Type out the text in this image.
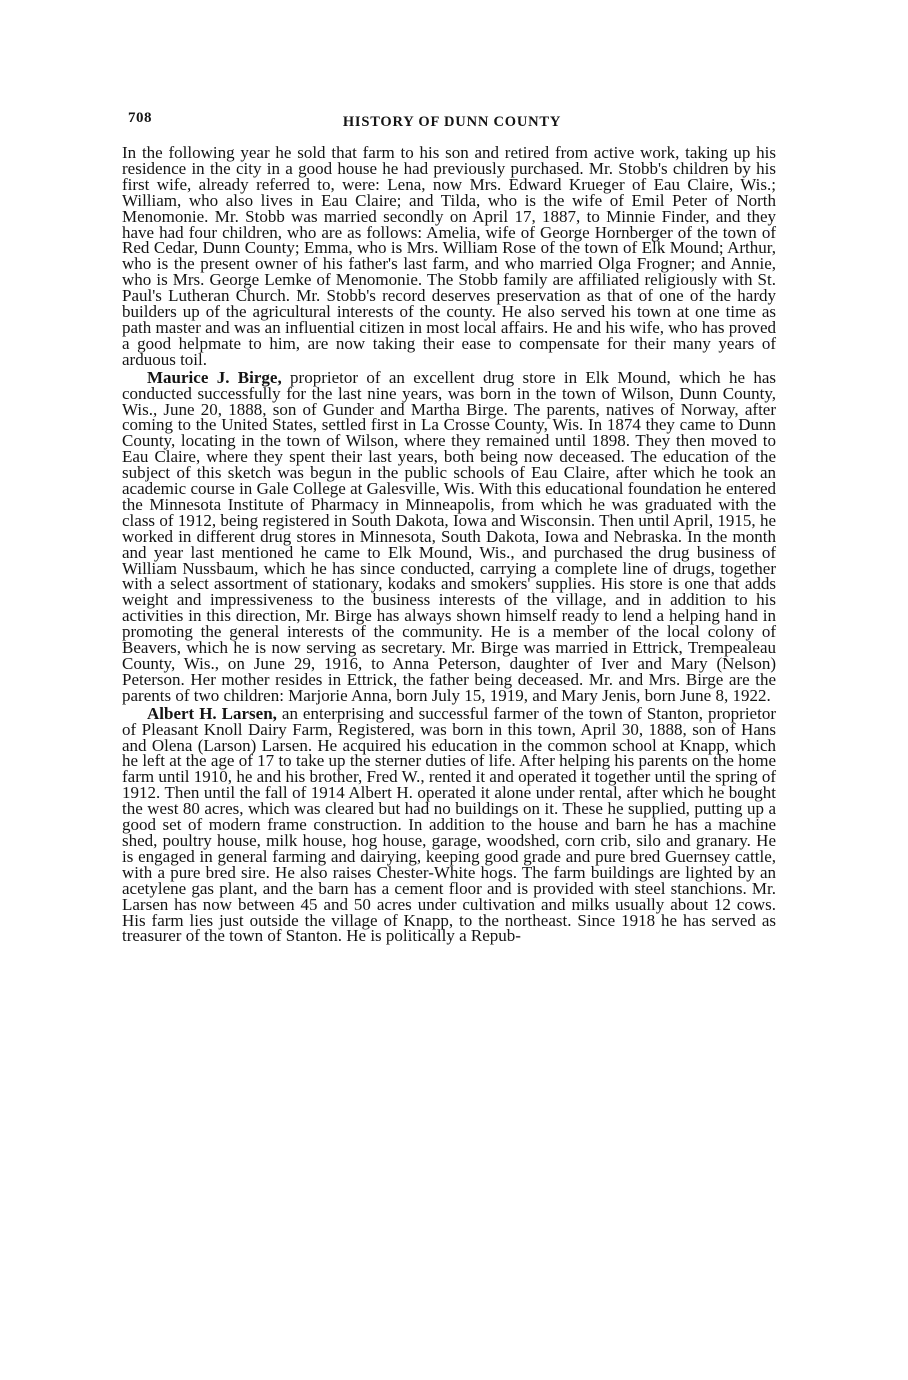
708	HISTORY OF DUNN COUNTY

In the following year he sold that farm to his son and retired from active work, taking up his residence in the city in a good house he had previously purchased. Mr. Stobb's children by his first wife, already referred to, were: Lena, now Mrs. Edward Krueger of Eau Claire, Wis.; William, who also lives in Eau Claire; and Tilda, who is the wife of Emil Peter of North Menomonie. Mr. Stobb was married secondly on April 17, 1887, to Minnie Finder, and they have had four children, who are as follows: Amelia, wife of George Hornberger of the town of Red Cedar, Dunn County; Emma, who is Mrs. William Rose of the town of Elk Mound; Arthur, who is the present owner of his father's last farm, and who married Olga Frogner; and Annie, who is Mrs. George Lemke of Menomonie. The Stobb family are affiliated religiously with St. Paul's Lutheran Church. Mr. Stobb's record deserves preservation as that of one of the hardy builders up of the agricultural interests of the county. He also served his town at one time as path master and was an influential citizen in most local affairs. He and his wife, who has proved a good helpmate to him, are now taking their ease to compensate for their many years of arduous toil.

Maurice J. Birge, proprietor of an excellent drug store in Elk Mound, which he has conducted successfully for the last nine years, was born in the town of Wilson, Dunn County, Wis., June 20, 1888, son of Gunder and Martha Birge. The parents, natives of Norway, after coming to the United States, settled first in La Crosse County, Wis. In 1874 they came to Dunn County, locating in the town of Wilson, where they remained until 1898. They then moved to Eau Claire, where they spent their last years, both being now deceased. The education of the subject of this sketch was begun in the public schools of Eau Claire, after which he took an academic course in Gale College at Galesville, Wis. With this educational foundation he entered the Minnesota Institute of Pharmacy in Minneapolis, from which he was graduated with the class of 1912, being registered in South Dakota, Iowa and Wisconsin. Then until April, 1915, he worked in different drug stores in Minnesota, South Dakota, Iowa and Nebraska. In the month and year last mentioned he came to Elk Mound, Wis., and purchased the drug business of William Nussbaum, which he has since conducted, carrying a complete line of drugs, together with a select assortment of stationary, kodaks and smokers' supplies. His store is one that adds weight and impressiveness to the business interests of the village, and in addition to his activities in this direction, Mr. Birge has always shown himself ready to lend a helping hand in promoting the general interests of the community. He is a member of the local colony of Beavers, which he is now serving as secretary. Mr. Birge was married in Ettrick, Trempealeau County, Wis., on June 29, 1916, to Anna Peterson, daughter of Iver and Mary (Nelson) Peterson. Her mother resides in Ettrick, the father being deceased. Mr. and Mrs. Birge are the parents of two children: Marjorie Anna, born July 15, 1919, and Mary Jenis, born June 8, 1922.

Albert H. Larsen, an enterprising and successful farmer of the town of Stanton, proprietor of Pleasant Knoll Dairy Farm, Registered, was born in this town, April 30, 1888, son of Hans and Olena (Larson) Larsen. He acquired his education in the common school at Knapp, which he left at the age of 17 to take up the sterner duties of life. After helping his parents on the home farm until 1910, he and his brother, Fred W., rented it and operated it together until the spring of 1912. Then until the fall of 1914 Albert H. operated it alone under rental, after which he bought the west 80 acres, which was cleared but had no buildings on it. These he supplied, putting up a good set of modern frame construction. In addition to the house and barn he has a machine shed, poultry house, milk house, hog house, garage, woodshed, corn crib, silo and granary. He is engaged in general farming and dairying, keeping good grade and pure bred Guernsey cattle, with a pure bred sire. He also raises Chester-White hogs. The farm buildings are lighted by an acetylene gas plant, and the barn has a cement floor and is provided with steel stanchions. Mr. Larsen has now between 45 and 50 acres under cultivation and milks usually about 12 cows. His farm lies just outside the village of Knapp, to the northeast. Since 1918 he has served as treasurer of the town of Stanton. He is politically a Repub-
